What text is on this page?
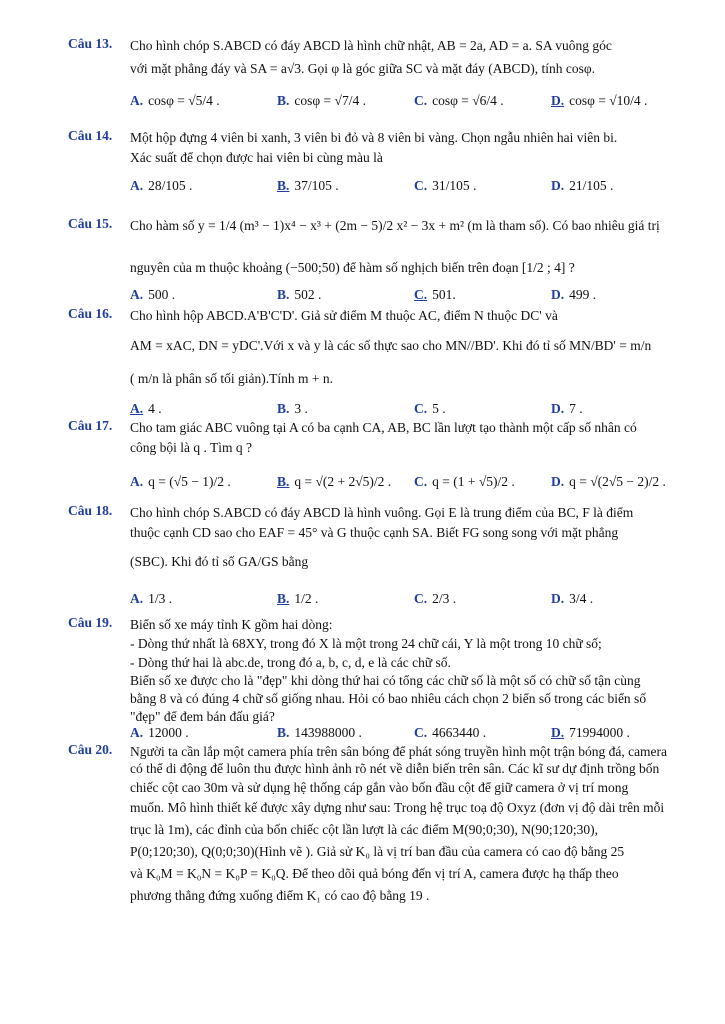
Câu 13. Cho hình chóp S.ABCD có đáy ABCD là hình chữ nhật, AB = 2a, AD = a. SA vuông góc
với mặt phẳng đáy và SA = a√3. Gọi φ là góc giữa SC và mặt đáy (ABCD), tính cosφ.
A. cosφ = √5/4 .	B. cosφ = √7/4 .	C. cosφ = √6/4 .	D. cosφ = √10/4 .
Câu 14. Một hộp đựng 4 viên bi xanh, 3 viên bi đỏ và 8 viên bi vàng. Chọn ngẫu nhiên hai viên bi.
Xác suất để chọn được hai viên bi cùng màu là
A. 28/105 .	B. 37/105 .	C. 31/105 .	D. 21/105 .
Câu 15. Cho hàm số y = 1/4 (m³ − 1)x⁴ − x³ + (2m − 5)/2 x² − 3x + m² (m là tham số). Có bao nhiêu giá trị
nguyên của m thuộc khoảng (−500;50) để hàm số nghịch biến trên đoạn [1/2 ; 4] ?
A. 500 .	B. 502 .	C. 501.	D. 499 .
Câu 16. Cho hình hộp ABCD.A'B'C'D'. Giả sử điểm M thuộc AC, điểm N thuộc DC' và
AM = xAC, DN = yDC'.Với x và y là các số thực sao cho MN//BD'. Khi đó tỉ số MN/BD' = m/n
( m/n là phân số tối giản).Tính m + n.
A. 4 .	B. 3 .	C. 5 .	D. 7 .
Câu 17. Cho tam giác ABC vuông tại A có ba cạnh CA, AB, BC lần lượt tạo thành một cấp số nhân có
công bội là q . Tìm q ?
A. q = (√5 − 1)/2 .	B. q = √(2 + 2√5)/2 . C. q = (1 + √5)/2 .	D. q = √(2√5 − 2)/2 .
Câu 18. Cho hình chóp S.ABCD có đáy ABCD là hình vuông. Gọi E là trung điểm của BC, F là điểm
thuộc cạnh CD sao cho EAF = 45° và G thuộc cạnh SA. Biết FG song song với mặt phẳng
(SBC). Khi đó tỉ số GA/GS bằng
A. 1/3 .	B. 1/2 .	C. 2/3 .	D. 3/4 .
Câu 19. Biển số xe máy tỉnh K gồm hai dòng:
- Dòng thứ nhất là 68XY, trong đó X là một trong 24 chữ cái, Y là một trong 10 chữ số;
- Dòng thứ hai là abc.de, trong đó a, b, c, d, e là các chữ số.
Biển số xe được cho là "đẹp" khi dòng thứ hai có tổng các chữ số là một số có chữ số tận cùng
bằng 8 và có đúng 4 chữ số giống nhau. Hỏi có bao nhiêu cách chọn 2 biển số trong các biển số
"đẹp" để đem bán đấu giá?
A. 12000 .	B. 143988000 .	C. 4663440 .	D. 71994000 .
Câu 20. Người ta cần lắp một camera phía trên sân bóng để phát sóng truyền hình một trận bóng đá, camera
có thể di động để luôn thu được hình ảnh rõ nét về diễn biến trên sân. Các kĩ sư dự định trồng bốn
chiếc cột cao 30m và sử dụng hệ thống cáp gắn vào bốn đầu cột để giữ camera ở vị trí mong
muốn. Mô hình thiết kế được xây dựng như sau: Trong hệ trục toạ độ Oxyz (đơn vị độ dài trên mỗi
trục là 1m), các đỉnh của bốn chiếc cột lần lượt là các điểm M(90;0;30), N(90;120;30),
P(0;120;30), Q(0;0;30)(Hình vẽ ). Giả sử K₀ là vị trí ban đầu của camera có cao độ bằng 25
và K₀M = K₀N = K₀P = K₀Q. Để theo dõi quả bóng đến vị trí A, camera được hạ thấp theo
phương thẳng đứng xuống điểm K₁ có cao độ bằng 19 .
